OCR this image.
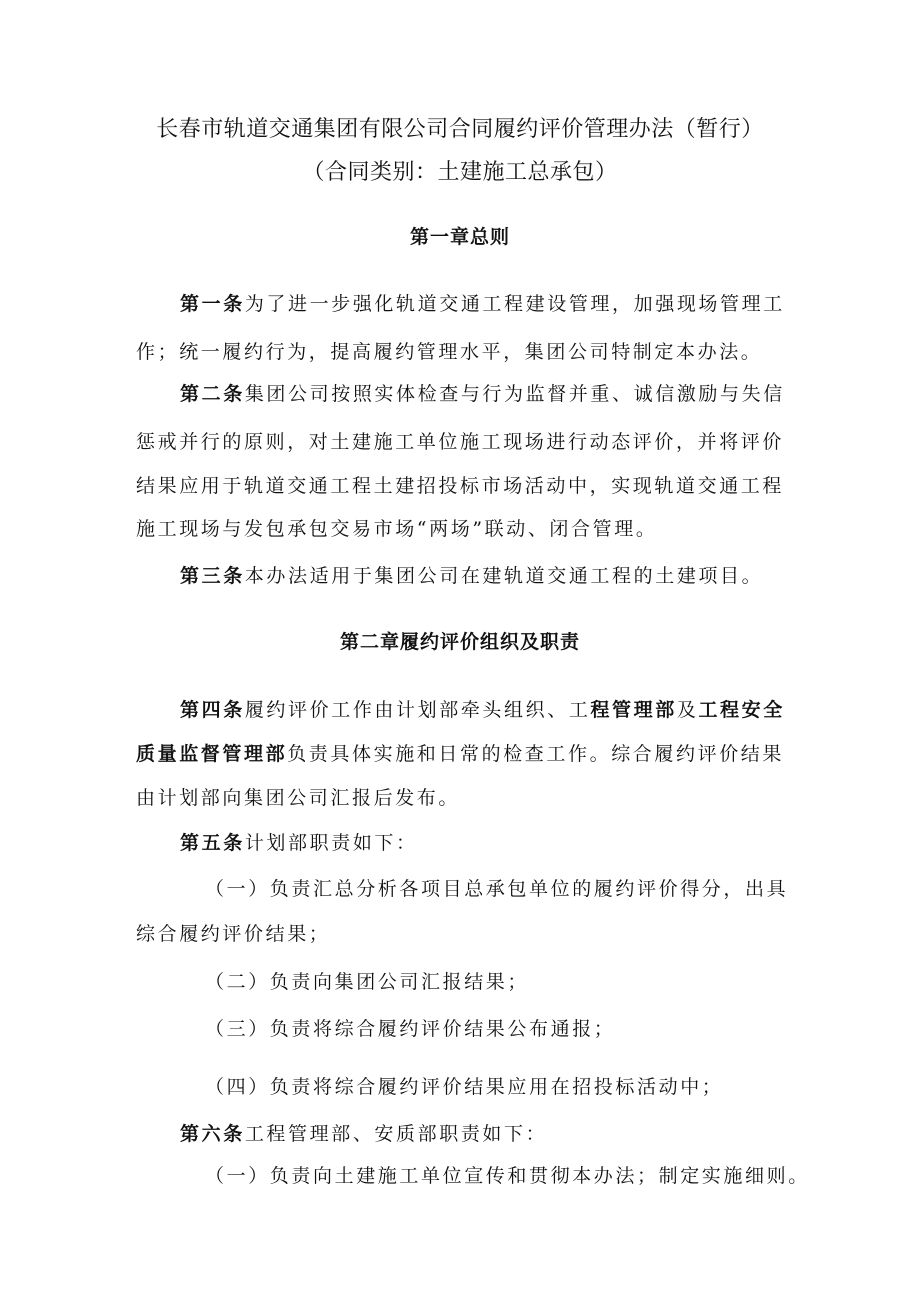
长春市轨道交通集团有限公司合同履约评价管理办法（暂行）
（合同类别：土建施工总承包）
第一章总则
第一条为了进一步强化轨道交通工程建设管理，加强现场管理工
作；统一履约行为，提高履约管理水平，集团公司特制定本办法。
第二条集团公司按照实体检查与行为监督并重、诚信激励与失信
惩戒并行的原则，对土建施工单位施工现场进行动态评价，并将评价
结果应用于轨道交通工程土建招投标市场活动中，实现轨道交通工程
施工现场与发包承包交易市场“两场”联动、闭合管理。
第三条本办法适用于集团公司在建轨道交通工程的土建项目。
第二章履约评价组织及职责
第四条履约评价工作由计划部牵头组织、工程管理部及工程安全
质量监督管理部负责具体实施和日常的检查工作。综合履约评价结果
由计划部向集团公司汇报后发布。
第五条计划部职责如下：
（一）负责汇总分析各项目总承包单位的履约评价得分，出具
综合履约评价结果；
（二）负责向集团公司汇报结果；
（三）负责将综合履约评价结果公布通报；
（四）负责将综合履约评价结果应用在招投标活动中；
第六条工程管理部、安质部职责如下：
（一）负责向土建施工单位宣传和贯彻本办法；制定实施细则。
